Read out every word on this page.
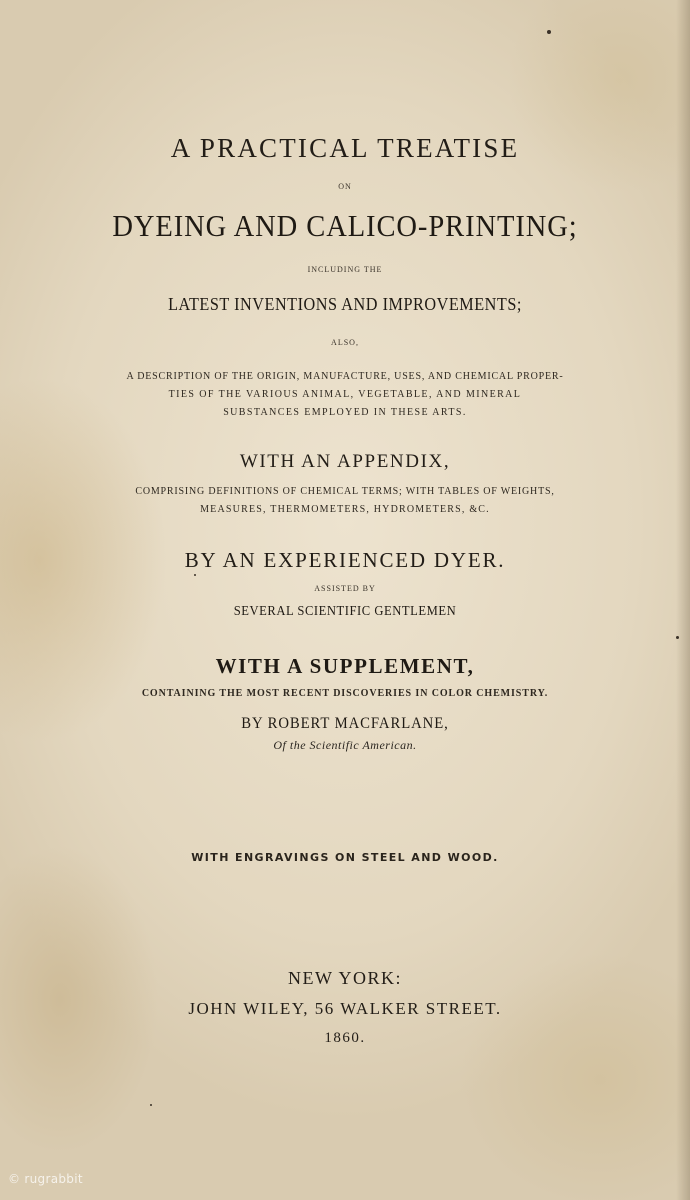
A PRACTICAL TREATISE
ON
DYEING AND CALICO-PRINTING;
INCLUDING THE
LATEST INVENTIONS AND IMPROVEMENTS;
ALSO,
A DESCRIPTION OF THE ORIGIN, MANUFACTURE, USES, AND CHEMICAL PROPER-
TIES OF THE VARIOUS ANIMAL, VEGETABLE, AND MINERAL
SUBSTANCES EMPLOYED IN THESE ARTS.
WITH AN APPENDIX,
COMPRISING DEFINITIONS OF CHEMICAL TERMS; WITH TABLES OF WEIGHTS,
MEASURES, THERMOMETERS, HYDROMETERS, &C.
BY AN EXPERIENCED DYER.
ASSISTED BY
SEVERAL SCIENTIFIC GENTLEMEN
WITH A SUPPLEMENT,
CONTAINING THE MOST RECENT DISCOVERIES IN COLOR CHEMISTRY.
BY ROBERT MACFARLANE,
Of the Scientific American.
WITH ENGRAVINGS ON STEEL AND WOOD.
NEW YORK:
JOHN WILEY, 56 WALKER STREET.
1860.
© rugrabbit
